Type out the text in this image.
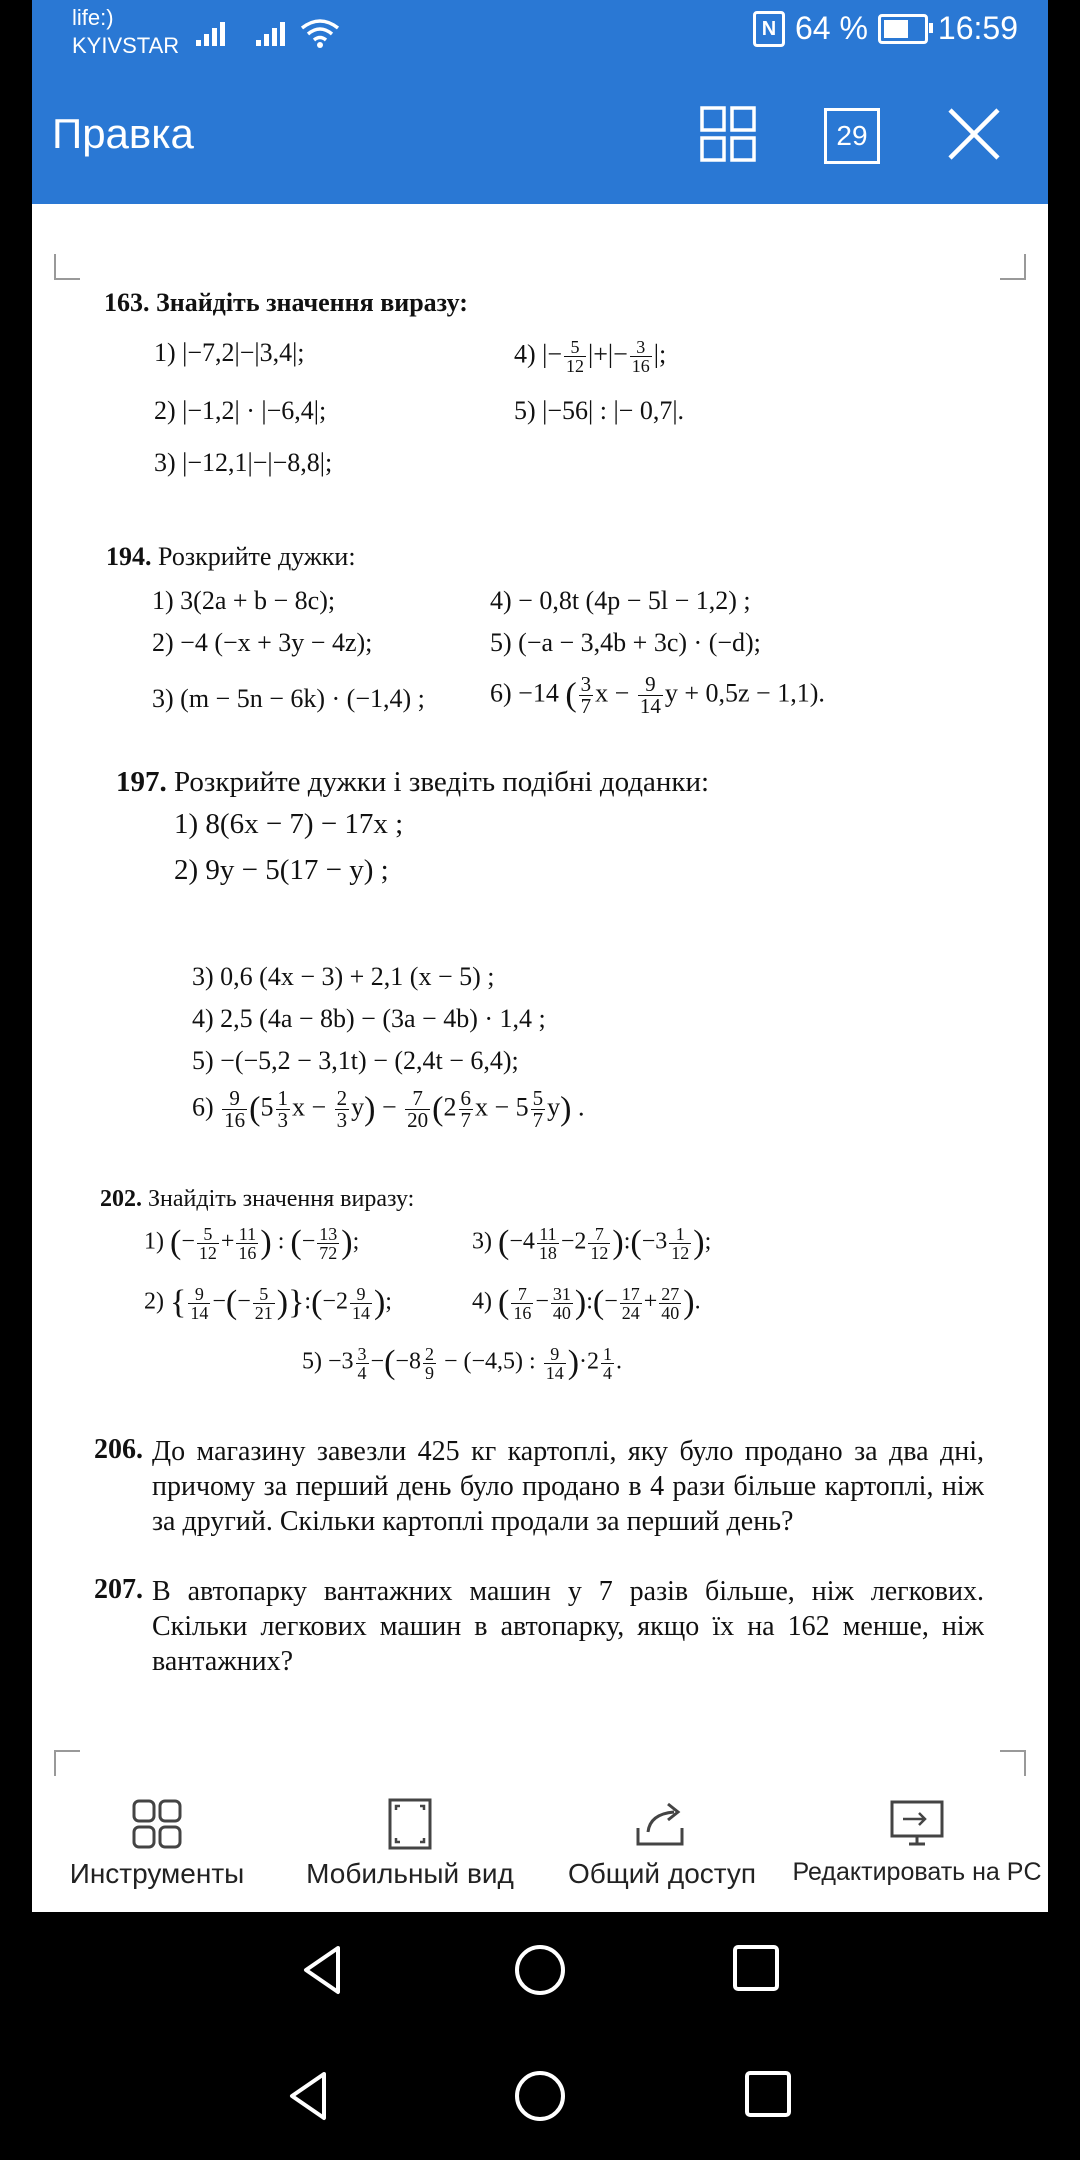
life:)
KYIVSTAR
N 64 % 16:59
Правка	29
163. Знайдіть значення виразу:
1) |−7,2|−|3,4|;
2) |−1,2| · |−6,4|;
3) |−12,1|−|−8,8|;
4) |− $\frac{5}{12}$ |+|− $\frac{3}{16}$ |;
5) |−56| : |− 0,7|.
194. Розкрийте дужки:
1) 3(2a + b − 8c);
2) −4 (−x + 3y − 4z);
3) (m − 5n − 6k) · (−1,4) ;
4) − 0,8t (4p − 5l − 1,2) ;
5) (−a − 3,4b + 3c) · (−d);
6) −14 ( $\frac{3}{7}$ $x - \frac{9}{14}$ y + 0,5z − 1,1).
197. Розкрийте дужки і зведіть подібні доданки:
1) 8(6x − 7) − 17x ;
2) 9y − 5(17 − y) ;
3) 0,6 (4x − 3) + 2,1 (x − 5) ;
4) 2,5 (4a − 8b) − (3a − 4b) · 1,4 ;
5) −(−5,2 − 3,1t) − (2,4t − 6,4);
$6) \frac{9}{16} (5 \frac{1}{3}$ $x - \frac{2}{3} y) - \frac{7}{20} (2 \frac{6}{7}$ $x - 5 \frac{5}{7} y$) .
202. Знайдіть значення виразу:
1) (− $\frac{5}{12} + \frac{11}{16}$ ) : (− $\frac{13}{72}$ );
2) { $\frac{9}{14}$ −(− $\frac{5}{21}$ )}:(−2 $\frac{9}{14}$ );
3) ($-4 \frac{11}{18} -2 \frac{7}{12}$ ):(−3 $\frac{1}{12}$ );
4) ( $\frac{7}{16} - \frac{31}{40}$ ):(− $\frac{17}{24} + \frac{27}{40}$ ).
$5) -3 \frac{3}{4} -(-8 \frac{2}{9} - (-4,5)$ : $\frac{9}{14} )\cdot 2 \frac{1}{4}$ .
206. До магазину завезли 425 кг картоплі, яку було продано за два дні, причому за перший день було продано в 4 рази більше картоплі, ніж за другий. Скільки картоплі продали за перший день?
207. В автопарку вантажних машин у 7 разів більше, ніж легкових. Скільки легкових машин в автопарку, якщо їх на 162 менше, ніж вантажних?
Инструменты	Мобильный вид	Общий доступ	Редактировать на PC
